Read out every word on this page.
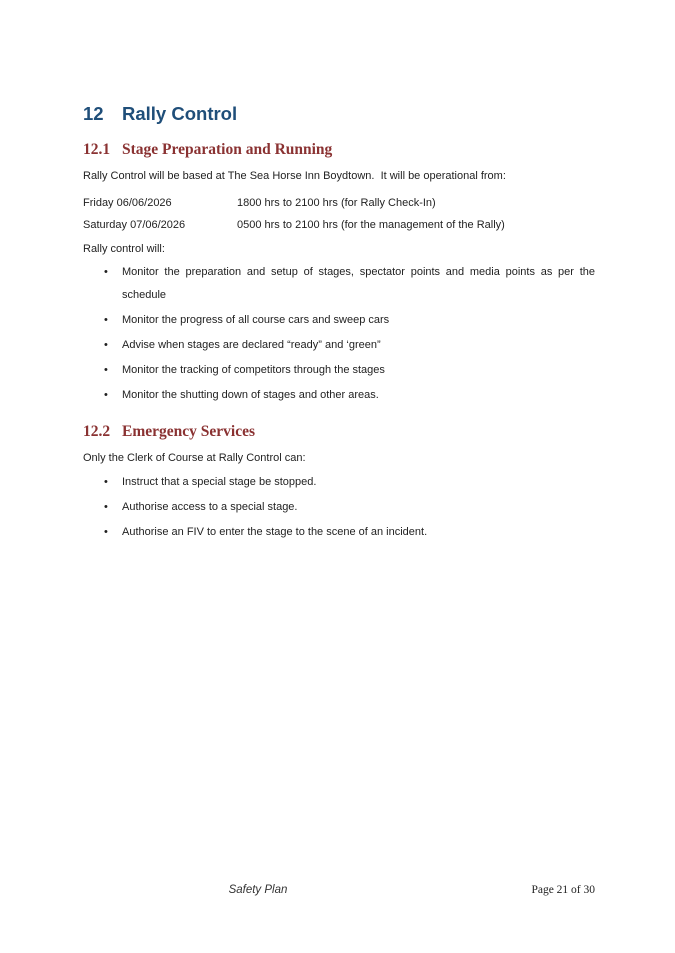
12 Rally Control
12.1 Stage Preparation and Running

Rally Control will be based at The Sea Horse Inn Boydtown.  It will be operational from:

Friday 06/06/2026	1800 hrs to 2100 hrs (for Rally Check-In)
Saturday 07/06/2026	0500 hrs to 2100 hrs (for the management of the Rally)

Rally control will:

• Monitor the preparation and setup of stages, spectator points and media points as per the schedule
• Monitor the progress of all course cars and sweep cars
• Advise when stages are declared “ready” and ‘green”
• Monitor the tracking of competitors through the stages
• Monitor the shutting down of stages and other areas.
12.2 Emergency Services

Only the Clerk of Course at Rally Control can:

• Instruct that a special stage be stopped.
• Authorise access to a special stage.
• Authorise an FIV to enter the stage to the scene of an incident.
Safety Plan	Page 21 of 30
